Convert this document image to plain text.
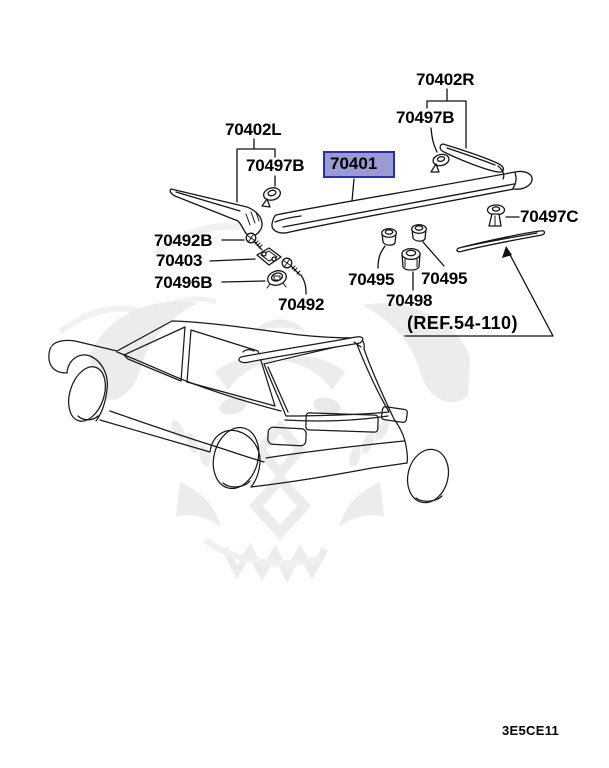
70402R
70497B
70402L
70497B	70401
70497C
70492B
70403
70496B
70492
70495
70498
70495
(REF.54-110)
3E5CE11
